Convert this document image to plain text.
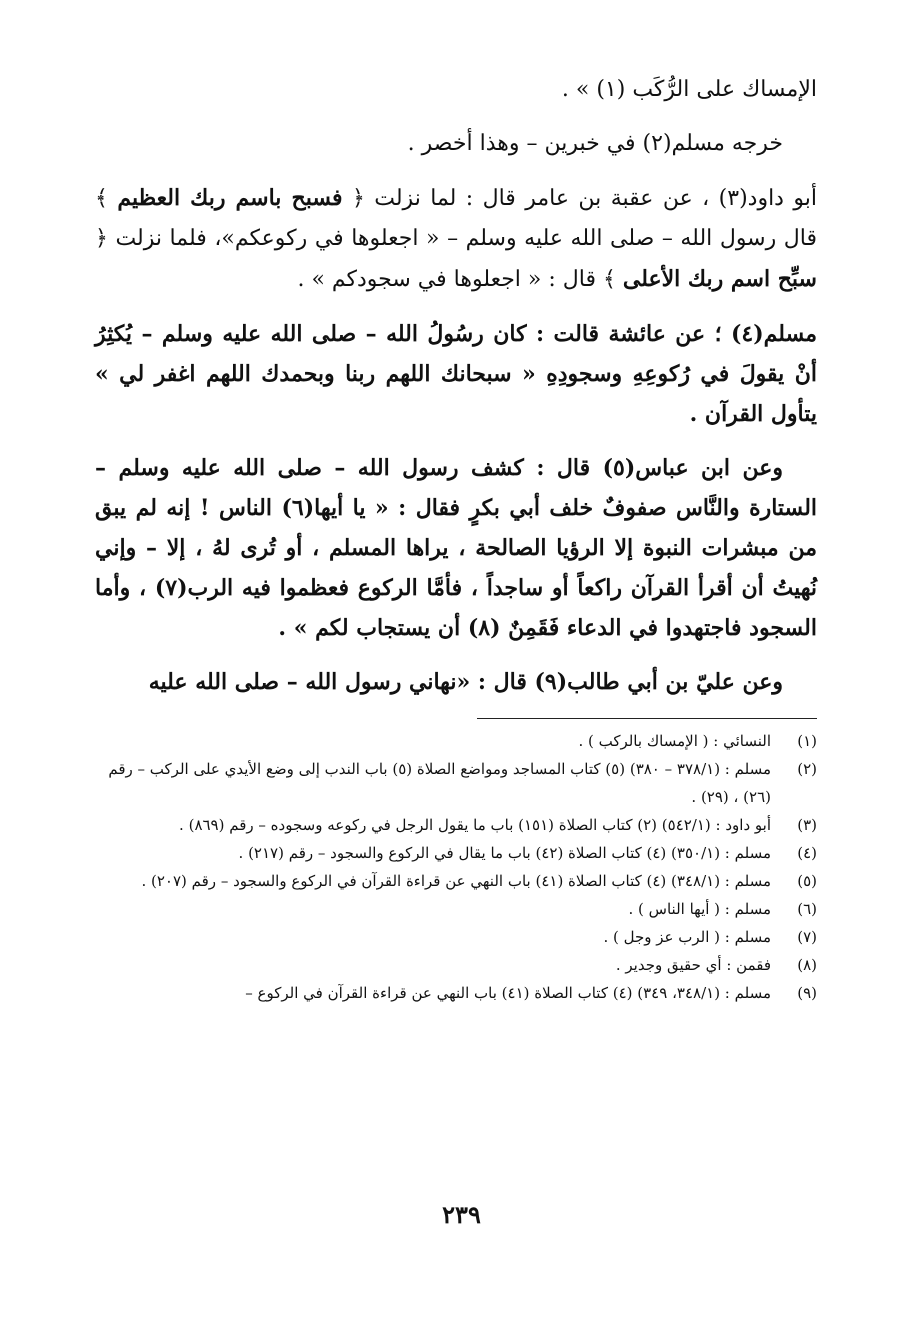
الإمساك على الرُّكَب (١) » .

خرجه مسلم(٢) في خبرين – وهذا أخصر .

أبو داود(٣) ، عن عقبة بن عامر قال : لما نزلت ﴿ فسبح باسم ربك العظيم ﴾ قال رسول الله – صلى الله عليه وسلم – « اجعلوها في ركوعكم»، فلما نزلت ﴿ سبِّح اسم ربك الأعلى ﴾ قال : « اجعلوها في سجودكم » .

مسلم(٤) ؛ عن عائشة قالت : كان رسُولُ الله – صلى الله عليه وسلم – يُكثِرُ أنْ يقولَ في رُكوعِهِ وسجودِهِ « سبحانك اللهم ربنا وبحمدك اللهم اغفر لي » يتأول القرآن .

وعن ابن عباس(٥) قال : كشف رسول الله – صلى الله عليه وسلم – الستارة والنَّاس صفوفٌ خلف أبي بكرٍ فقال : « يا أيها(٦) الناس ! إنه لم يبق من مبشرات النبوة إلا الرؤيا الصالحة ، يراها المسلم ، أو تُرى لهُ ، إلا – وإني نُهيتُ أن أقرأ القرآن راكعاً أو ساجداً ، فأمَّا الركوع فعظموا فيه الرب(٧) ، وأما السجود فاجتهدوا في الدعاء فَقَمِنٌ (٨) أن يستجاب لكم » .

وعن عليّ بن أبي طالب(٩) قال : «نهاني رسول الله – صلى الله عليه

(١)
النسائي : ( الإمساك بالركب ) .
(٢)
مسلم : (٣٧٨/١ – ٣٨٠) (٥) كتاب المساجد ومواضع الصلاة (٥) باب الندب إلى وضع الأيدي على الركب – رقم (٢٦) ، (٢٩) .
(٣)
أبو داود : (٥٤٢/١) (٢) كتاب الصلاة (١٥١) باب ما يقول الرجل في ركوعه وسجوده – رقم (٨٦٩) .
(٤)
مسلم : (٣٥٠/١) (٤) كتاب الصلاة (٤٢) باب ما يقال في الركوع والسجود – رقم (٢١٧) .
(٥)
مسلم : (٣٤٨/١) (٤) كتاب الصلاة (٤١) باب النهي عن قراءة القرآن في الركوع والسجود – رقم (٢٠٧) .
(٦)
مسلم : ( أيها الناس ) .
(٧)
مسلم : ( الرب عز وجل ) .
(٨)
فقمن : أي حقيق وجدير .
(٩)
مسلم : (٣٤٨/١، ٣٤٩) (٤) كتاب الصلاة (٤١) باب النهي عن قراءة القرآن في الركوع –
٢٣٩
